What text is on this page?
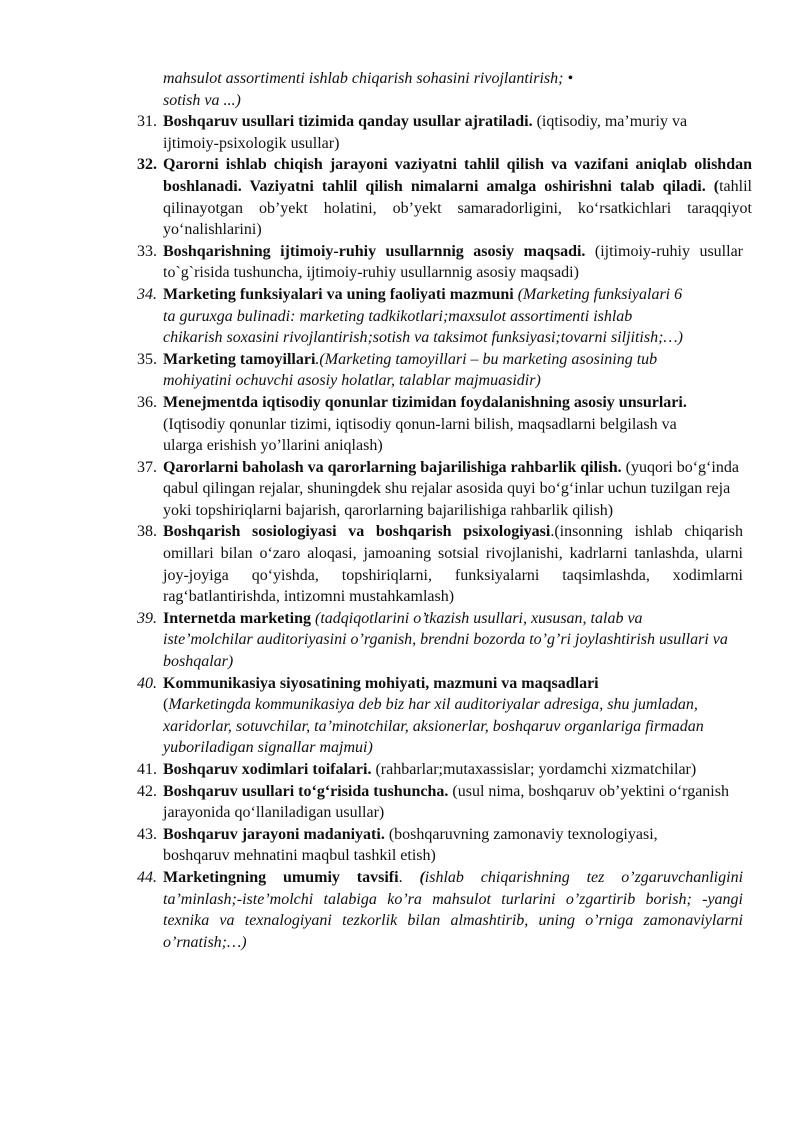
mahsulot assortimenti ishlab chiqarish sohasini rivojlantirish; •
sotish va ...)

31. Boshqaruv usullari tizimida qanday usullar ajratiladi. (iqtisodiy, ma’muriy va ijtimoiy-psixologik usullar)

32. Qarorni ishlab chiqish jarayoni vaziyatni tahlil qilish va vazifani aniqlab olishdan boshlanadi. Vaziyatni tahlil qilish nimalarni amalga oshirishni talab qiladi. (tahlil qilinayotgan ob’yekt holatini, ob’yekt samaradorligini, ko‘rsatkichlari taraqqiyot yo‘nalishlarini)

33. Boshqarishning ijtimoiy-ruhiy usullarnnig asosiy maqsadi. (ijtimoiy-ruhiy usullar to`g`risida tushuncha, ijtimoiy-ruhiy usullarnnig asosiy maqsadi)

34. Marketing funksiyalari va uning faoliyati mazmuni (Marketing funksiyalari 6 ta guruxga bulinadi: marketing tadkikotlari;maxsulot assortimenti ishlab chikarish soxasini rivojlantirish;sotish va taksimot funksiyasi;tovarni siljitish;…)

35. Marketing tamoyillari.(Marketing tamoyillari – bu marketing asosining tub mohiyatini ochuvchi asosiy holatlar, talablar majmuasidir)

36. Menejmentda iqtisodiy qonunlar tizimidan foydalanishning asosiy unsurlari. (Iqtisodiy qonunlar tizimi, iqtisodiy qonun-larni bilish, maqsadlarni belgilash va ularga erishish yo’llarini aniqlash)

37. Qarorlarni baholash va qarorlarning bajarilishiga rahbarlik qilish. (yuqori bo‘g‘inda qabul qilingan rejalar, shuningdek shu rejalar asosida quyi bo‘g‘inlar uchun tuzilgan reja yoki topshiriqlarni bajarish, qarorlarning bajarilishiga rahbarlik qilish)

38. Boshqarish sosiologiyasi va boshqarish psixologiyasi.(insonning ishlab chiqarish omillari bilan o‘zaro aloqasi, jamoaning sotsial rivojlanishi, kadrlarni tanlashda, ularni joy-joyiga qo‘yishda, topshiriqlarni, funksiyalarni taqsimlashda, xodimlarni rag‘batlantirishda, intizomni mustahkamlash)

39. Internetda marketing (tadqiqotlarini o’tkazish usullari, xususan, talab va iste’molchilar auditoriyasini o’rganish, brendni bozorda to’g’ri joylashtirish usullari va boshqalar)

40. Kommunikasiya siyosatining mohiyati, mazmuni va maqsadlari
(Marketingda kommunikasiya deb biz har xil auditoriyalar adresiga, shu jumladan, xaridorlar, sotuvchilar, ta’minotchilar, aksionerlar, boshqaruv organlariga firmadan yuboriladigan signallar majmui)

41. Boshqaruv xodimlari toifalari. (rahbarlar;mutaxassislar; yordamchi xizmatchilar)

42. Boshqaruv usullari to‘g‘risida tushuncha. (usul nima, boshqaruv ob’yektini o‘rganish jarayonida qo‘llaniladigan usullar)

43. Boshqaruv jarayoni madaniyati. (boshqaruvning zamonaviy texnologiyasi, boshqaruv mehnatini maqbul tashkil etish)

44. Marketingning umumiy tavsifi. (ishlab chiqarishning tez o’zgaruvchanligini ta’minlash;-iste’molchi talabiga ko’ra mahsulot turlarini o’zgartirib borish; -yangi texnika va texnalogiyani tezkorlik bilan almashtirib, uning o’rniga zamonaviylarni o’rnatish;…)
